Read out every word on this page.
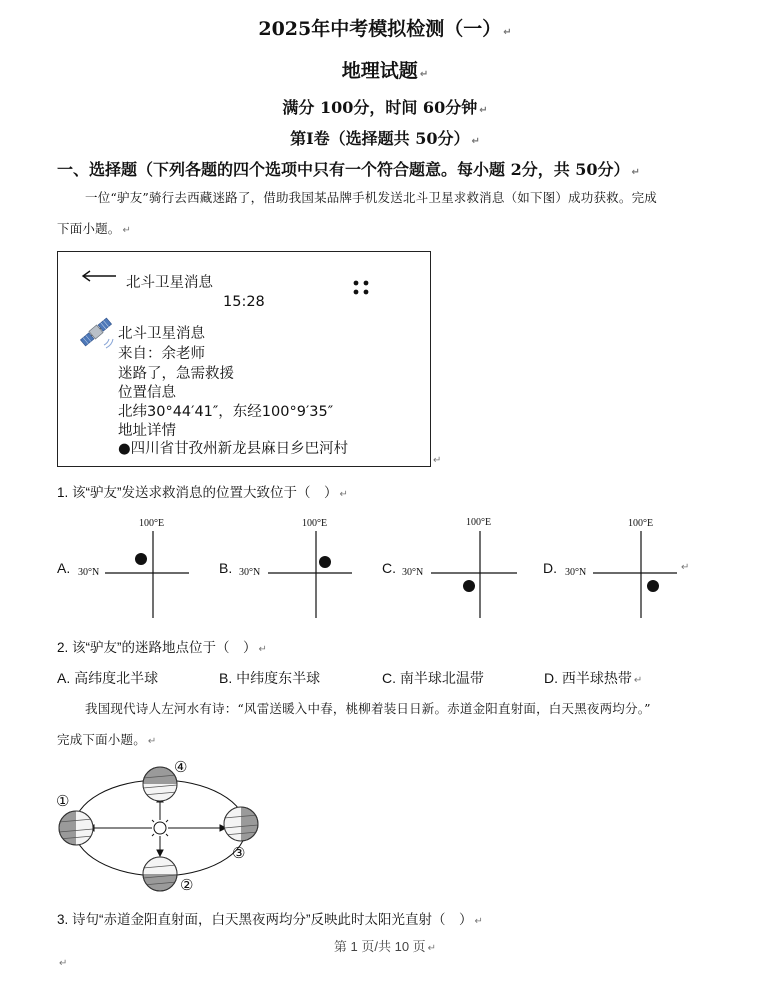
2025年中考模拟检测（一） ↵
地理试题 ↵
满分 100分，时间 60分钟 ↵
第Ⅰ卷（选择题共 50分） ↵
一、选择题（下列各题的四个选项中只有一个符合题意。每小题 2分，共 50分） ↵
一位“驴友”骑行去西藏迷路了，借助我国某品牌手机发送北斗卫星求救消息（如下图）成功获救。完成
下面小题。 ↵
北斗卫星消息
15:28
北斗卫星消息
来自：余老师
迷路了，急需救援
位置信息
北纬30°44′41″，东经100°9′35″
地址详情
●四川省甘孜州新龙县麻日乡巴河村
↵
1. 该“驴友”发送求救消息的位置大致位于（　） ↵
A.
100°E
30°N	B.
100°E
30°N	C.
100°E
30°N	D.
100°E
30°N	↵
2. 该“驴友”的迷路地点位于（　） ↵
A. 高纬度北半球	B. 中纬度东半球	C. 南半球北温带	D. 西半球热带 ↵
我国现代诗人左河水有诗：“风雷送暖入中春，桃柳着装日日新。赤道金阳直射面，白天黑夜两均分。”
完成下面小题。 ↵
①
②
③
④
3. 诗句“赤道金阳直射面，白天黑夜两均分”反映此时太阳光直射（　） ↵
第 1 页/共 10 页 ↵
↵
